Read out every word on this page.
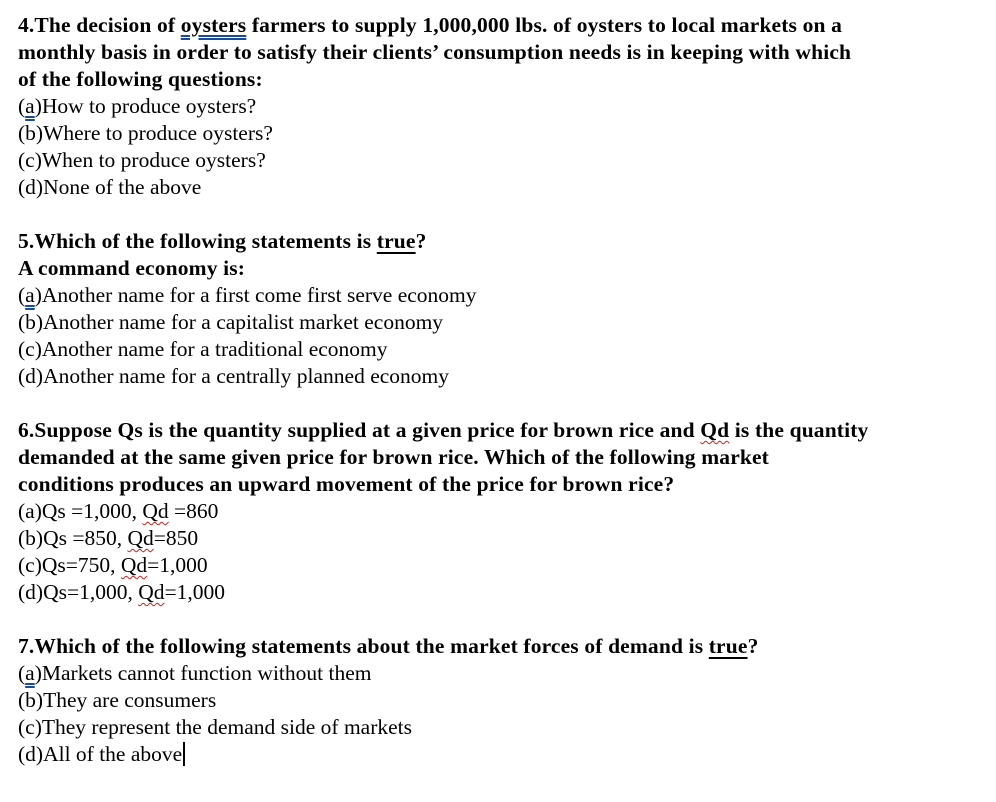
4.The decision of oysters farmers to supply 1,000,000 lbs. of oysters to local markets on a
monthly basis in order to satisfy their clients’ consumption needs is in keeping with which
of the following questions:
(a)How to produce oysters?
(b)Where to produce oysters?
(c)When to produce oysters?
(d)None of the above
5.Which of the following statements is true?
A command economy is:
(a)Another name for a first come first serve economy
(b)Another name for a capitalist market economy
(c)Another name for a traditional economy
(d)Another name for a centrally planned economy
6.Suppose Qs is the quantity supplied at a given price for brown rice and Qd is the quantity
demanded at the same given price for brown rice. Which of the following market
conditions produces an upward movement of the price for brown rice?
(a)Qs =1,000, Qd =860
(b)Qs =850, Qd=850
(c)Qs=750, Qd=1,000
(d)Qs=1,000, Qd=1,000
7.Which of the following statements about the market forces of demand is true?
(a)Markets cannot function without them
(b)They are consumers
(c)They represent the demand side of markets
(d)All of the above
